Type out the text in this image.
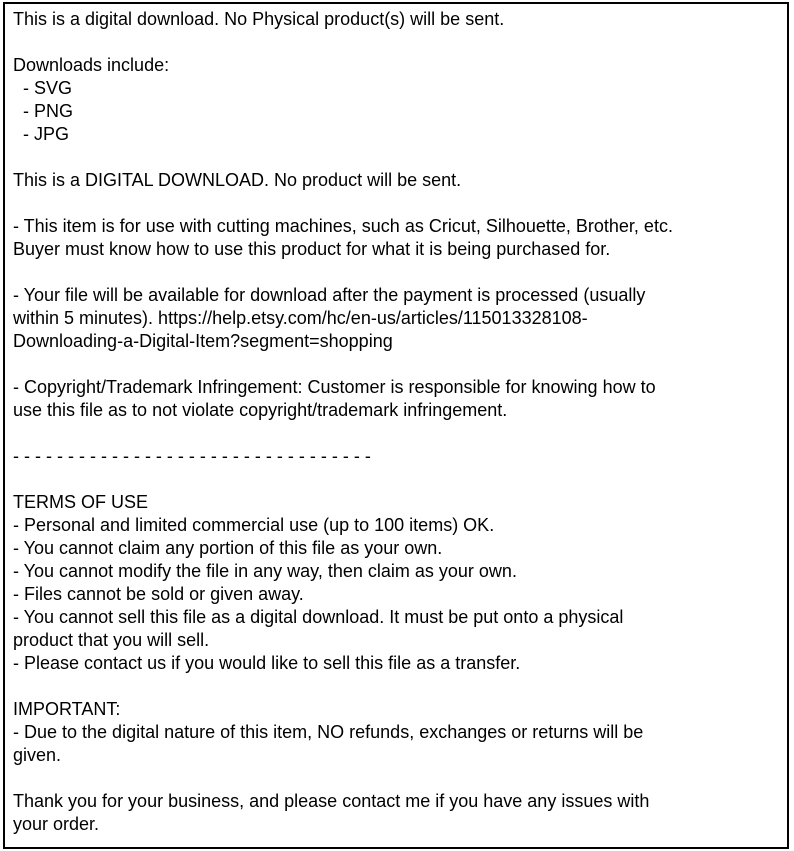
This is a digital download. No Physical product(s) will be sent.
Downloads include:
- SVG
- PNG
- JPG
This is a DIGITAL DOWNLOAD. No product will be sent.
- This item is for use with cutting machines, such as Cricut, Silhouette, Brother, etc.
Buyer must know how to use this product for what it is being purchased for.
- Your file will be available for download after the payment is processed (usually
within 5 minutes). https://help.etsy.com/hc/en-us/articles/115013328108-
Downloading-a-Digital-Item?segment=shopping
- Copyright/Trademark Infringement: Customer is responsible for knowing how to
use this file as to not violate copyright/trademark infringement.
- - - - - - - - - - - - - - - - - - - - - - - - - - - - - - - - -
TERMS OF USE
- Personal and limited commercial use (up to 100 items) OK.
- You cannot claim any portion of this file as your own.
- You cannot modify the file in any way, then claim as your own.
- Files cannot be sold or given away.
- You cannot sell this file as a digital download. It must be put onto a physical
product that you will sell.
- Please contact us if you would like to sell this file as a transfer.
IMPORTANT:
- Due to the digital nature of this item, NO refunds, exchanges or returns will be
given.
Thank you for your business, and please contact me if you have any issues with
your order.
